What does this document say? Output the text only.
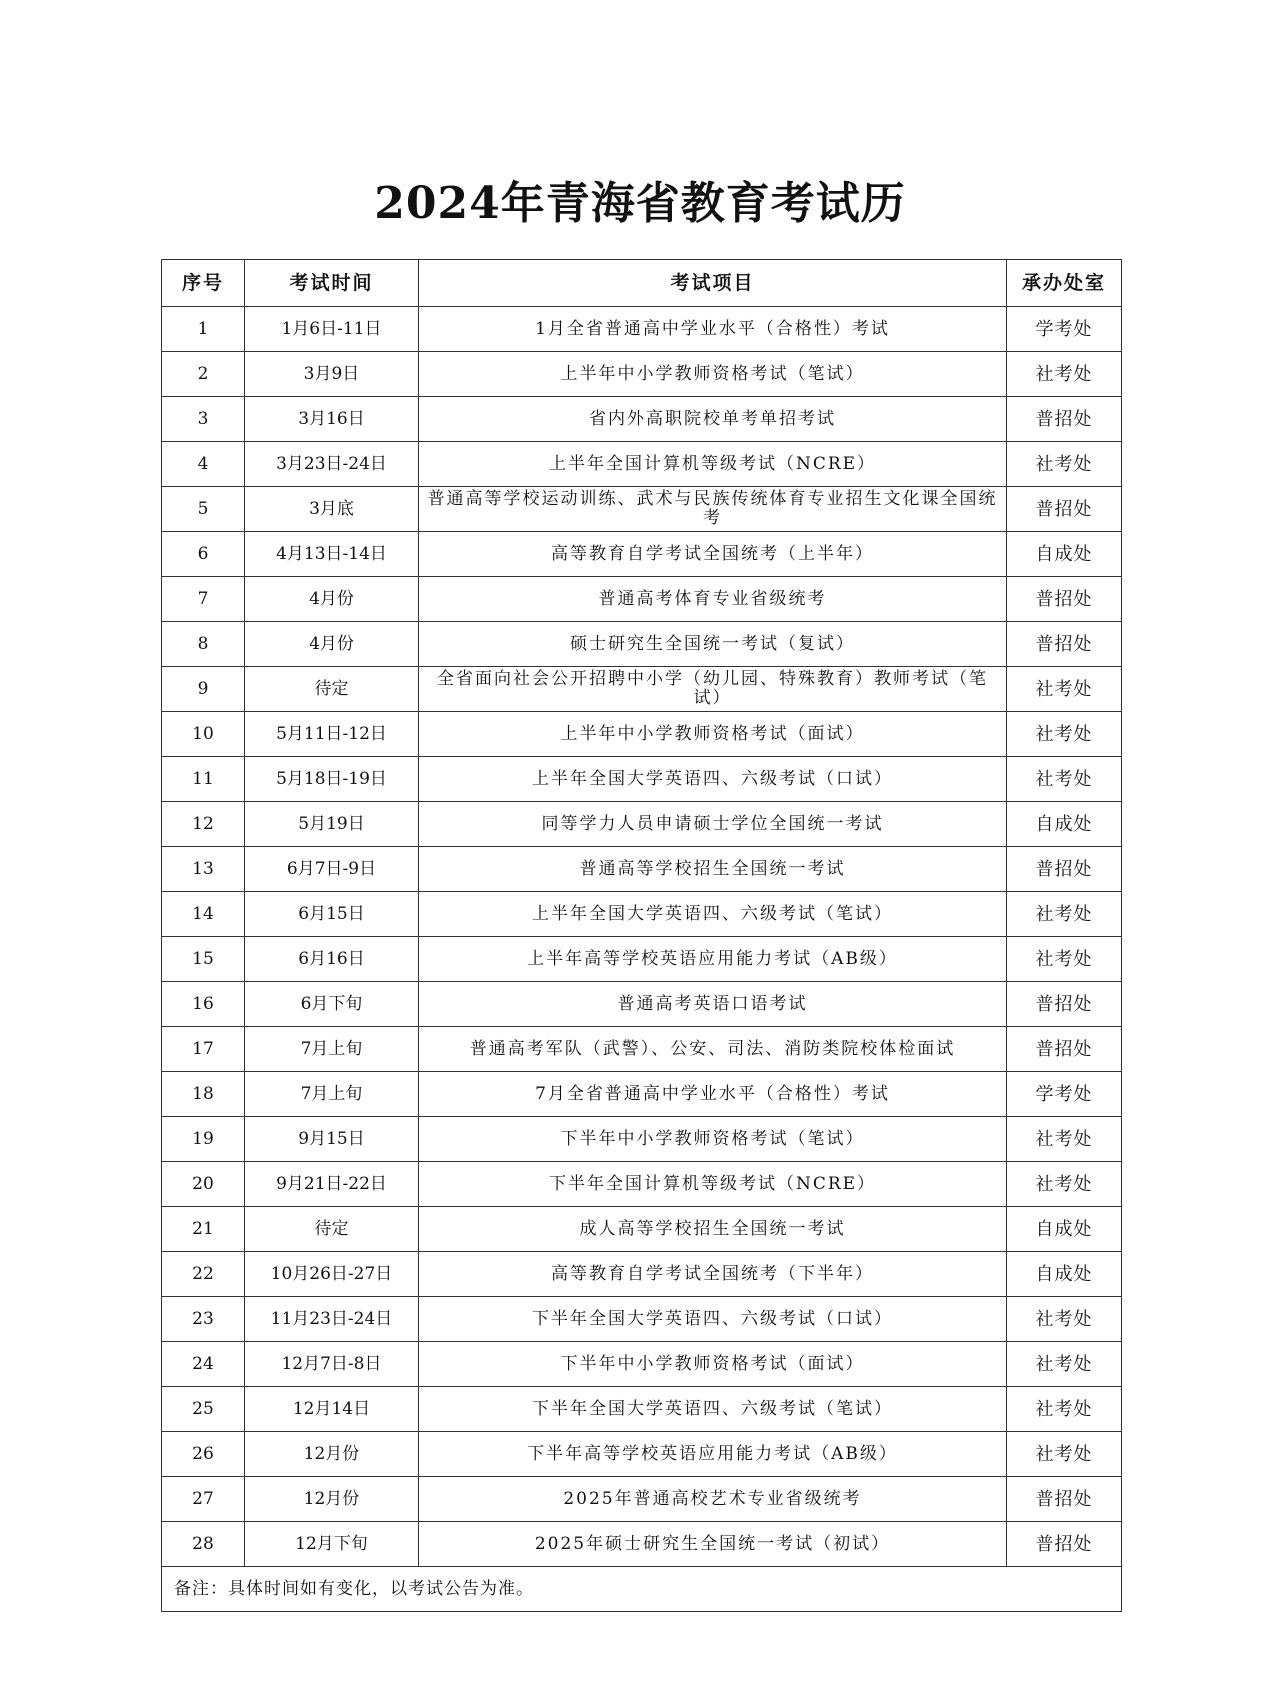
2024年青海省教育考试历
序号	考试时间	考试项目	承办处室
1	1月6日-11日	1月全省普通高中学业水平（合格性）考试	学考处
2	3月9日	上半年中小学教师资格考试（笔试）	社考处
3	3月16日	省内外高职院校单考单招考试	普招处
4	3月23日-24日	上半年全国计算机等级考试（NCRE）	社考处
5	3月底	普通高等学校运动训练、武术与民族传统体育专业招生文化课全国统考	普招处
6	4月13日-14日	高等教育自学考试全国统考（上半年）	自成处
7	4月份	普通高考体育专业省级统考	普招处
8	4月份	硕士研究生全国统一考试（复试）	普招处
9	待定	全省面向社会公开招聘中小学（幼儿园、特殊教育）教师考试（笔试）	社考处
10	5月11日-12日	上半年中小学教师资格考试（面试）	社考处
11	5月18日-19日	上半年全国大学英语四、六级考试（口试）	社考处
12	5月19日	同等学力人员申请硕士学位全国统一考试	自成处
13	6月7日-9日	普通高等学校招生全国统一考试	普招处
14	6月15日	上半年全国大学英语四、六级考试（笔试）	社考处
15	6月16日	上半年高等学校英语应用能力考试（AB级）	社考处
16	6月下旬	普通高考英语口语考试	普招处
17	7月上旬	普通高考军队（武警）、公安、司法、消防类院校体检面试	普招处
18	7月上旬	7月全省普通高中学业水平（合格性）考试	学考处
19	9月15日	下半年中小学教师资格考试（笔试）	社考处
20	9月21日-22日	下半年全国计算机等级考试（NCRE）	社考处
21	待定	成人高等学校招生全国统一考试	自成处
22	10月26日-27日	高等教育自学考试全国统考（下半年）	自成处
23	11月23日-24日	下半年全国大学英语四、六级考试（口试）	社考处
24	12月7日-8日	下半年中小学教师资格考试（面试）	社考处
25	12月14日	下半年全国大学英语四、六级考试（笔试）	社考处
26	12月份	下半年高等学校英语应用能力考试（AB级）	社考处
27	12月份	2025年普通高校艺术专业省级统考	普招处
28	12月下旬	2025年硕士研究生全国统一考试（初试）	普招处
备注：具体时间如有变化，以考试公告为准。			
